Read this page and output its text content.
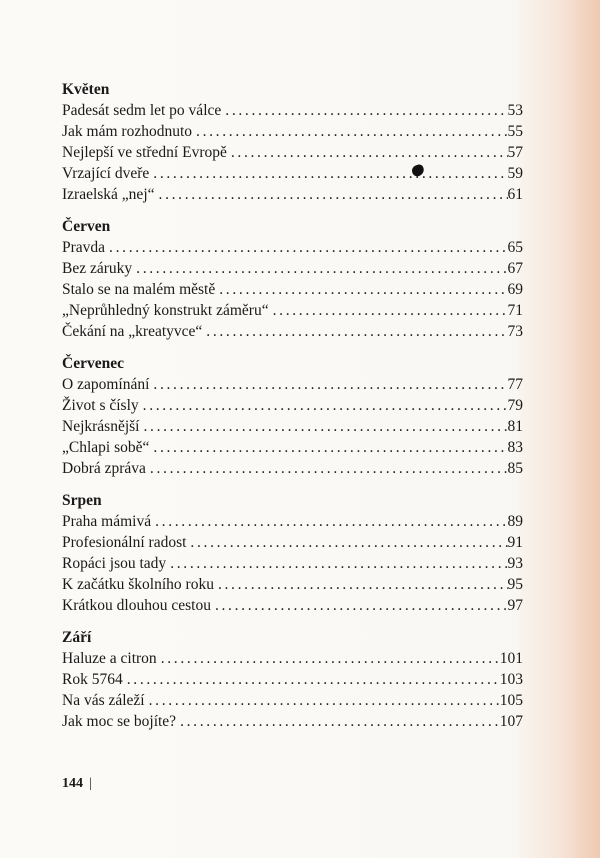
Květen
Padesát sedm let po válce . . .	53
Jak mám rozhodnuto . . .	55
Nejlepší ve střední Evropě . . .	57
Vrzající dveře . . .	59
Izraelská „nej“ . . .	61
Červen
Pravda . . .	65
Bez záruky . . .	67
Stalo se na malém městě . . .	69
„Neprůhledný konstrukt záměru“ . . .	71
Čekání na „kreatyvce“ . . .	73
Červenec
O zapomínání . . .	77
Život s čísly . . .	79
Nejkrásnější . . .	81
„Chlapi sobě“ . . .	83
Dobrá zpráva . . .	85
Srpen
Praha mámivá . . .	89
Profesionální radost . . .	91
Ropáci jsou tady . . .	93
K začátku školního roku . . .	95
Krátkou dlouhou cestou . . .	97
Září
Haluze a citron . . .	101
Rok 5764 . . .	103
Na vás záleží . . .	105
Jak moc se bojíte? . . .	107
144 |
